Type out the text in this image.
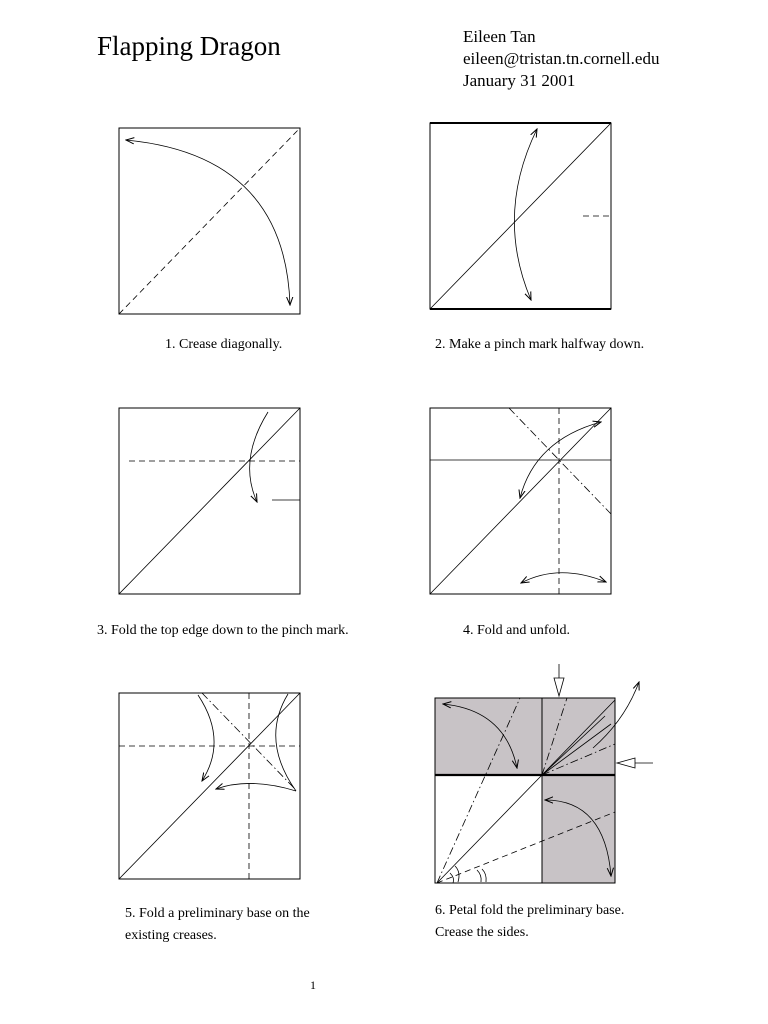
Flapping Dragon	Eileen Tan
eileen@tristan.tn.cornell.edu
January 31 2001
1. Crease diagonally.	2. Make a pinch mark halfway down.
3. Fold the top edge down to the pinch mark.	4. Fold and unfold.
5. Fold a preliminary base on the
existing creases.
6. Petal fold the preliminary base.
Crease the sides.
1
